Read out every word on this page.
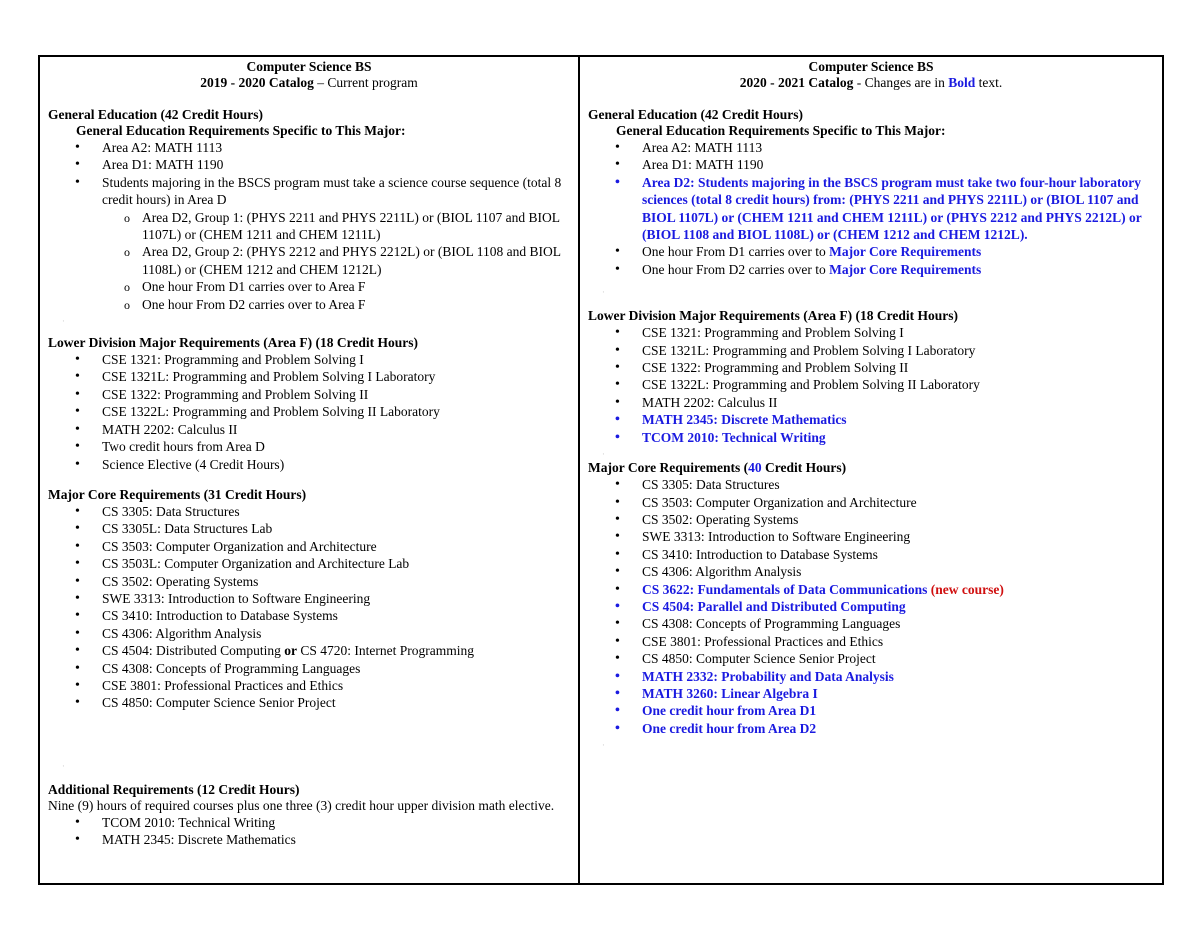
Computer Science BS
2019 - 2020 Catalog – Current program
General Education (42 Credit Hours)
General Education Requirements Specific to This Major:
• Area A2: MATH 1113
• Area D1: MATH 1190
• Students majoring in the BSCS program must take a science course sequence (total 8 credit hours) in Area D
o Area D2, Group 1: (PHYS 2211 and PHYS 2211L) or (BIOL 1107 and BIOL 1107L) or (CHEM 1211 and CHEM 1211L)
o Area D2, Group 2: (PHYS 2212 and PHYS 2212L) or (BIOL 1108 and BIOL 1108L) or (CHEM 1212 and CHEM 1212L)
o One hour From D1 carries over to Area F
o One hour From D2 carries over to Area F
ˌ
Lower Division Major Requirements (Area F) (18 Credit Hours)
• CSE 1321: Programming and Problem Solving I
• CSE 1321L: Programming and Problem Solving I Laboratory
• CSE 1322: Programming and Problem Solving II
• CSE 1322L: Programming and Problem Solving II Laboratory
• MATH 2202: Calculus II
• Two credit hours from Area D
• Science Elective (4 Credit Hours)
Major Core Requirements (31 Credit Hours)
• CS 3305: Data Structures
• CS 3305L: Data Structures Lab
• CS 3503: Computer Organization and Architecture
• CS 3503L: Computer Organization and Architecture Lab
• CS 3502: Operating Systems
• SWE 3313: Introduction to Software Engineering
• CS 3410: Introduction to Database Systems
• CS 4306: Algorithm Analysis
• CS 4504: Distributed Computing or CS 4720: Internet Programming
• CS 4308: Concepts of Programming Languages
• CSE 3801: Professional Practices and Ethics
• CS 4850: Computer Science Senior Project
ˌ
Additional Requirements (12 Credit Hours)

Nine (9) hours of required courses plus one three (3) credit hour upper division math elective.

• TCOM 2010: Technical Writing
• MATH 2345: Discrete Mathematics
Computer Science BS
2020 - 2021 Catalog - Changes are in Bold text.
General Education (42 Credit Hours)
General Education Requirements Specific to This Major:
• Area A2: MATH 1113
• Area D1: MATH 1190
• Area D2: Students majoring in the BSCS program must take two four-hour laboratory sciences (total 8 credit hours) from: (PHYS 2211 and PHYS 2211L) or (BIOL 1107 and BIOL 1107L) or (CHEM 1211 and CHEM 1211L) or (PHYS 2212 and PHYS 2212L) or (BIOL 1108 and BIOL 1108L) or (CHEM 1212 and CHEM 1212L).
• One hour From D1 carries over to Major Core Requirements
• One hour From D2 carries over to Major Core Requirements
ˌ
Lower Division Major Requirements (Area F) (18 Credit Hours)
• CSE 1321: Programming and Problem Solving I
• CSE 1321L: Programming and Problem Solving I Laboratory
• CSE 1322: Programming and Problem Solving II
• CSE 1322L: Programming and Problem Solving II Laboratory
• MATH 2202: Calculus II
• MATH 2345: Discrete Mathematics
• TCOM 2010: Technical Writing
ˌ
Major Core Requirements (40 Credit Hours)
• CS 3305: Data Structures
• CS 3503: Computer Organization and Architecture
• CS 3502: Operating Systems
• SWE 3313: Introduction to Software Engineering
• CS 3410: Introduction to Database Systems
• CS 4306: Algorithm Analysis
• CS 3622: Fundamentals of Data Communications (new course)
• CS 4504: Parallel and Distributed Computing
• CS 4308: Concepts of Programming Languages
• CSE 3801: Professional Practices and Ethics
• CS 4850: Computer Science Senior Project
• MATH 2332: Probability and Data Analysis
• MATH 3260: Linear Algebra I
• One credit hour from Area D1
• One credit hour from Area D2
ˌ
